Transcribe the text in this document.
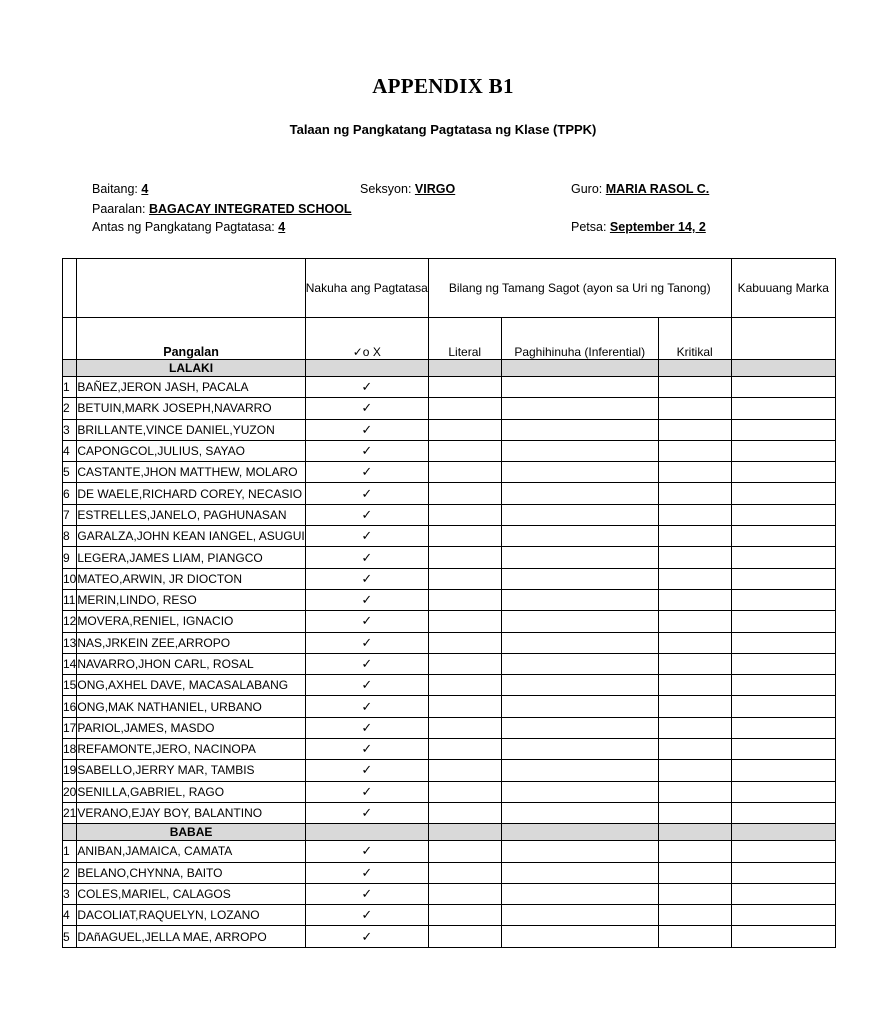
APPENDIX B1
Talaan ng Pangkatang Pagtatasa ng Klase (TPPK)
Baitang: 4	Seksyon: VIRGO	Guro: MARIA RASOL C.
Paaralan: BAGACAY INTEGRATED SCHOOL
Antas ng Pangkatang Pagtatasa: 4	Petsa: September 14, 2
		Nakuha ang Pagtatasa	Bilang ng Tamang Sagot (ayon sa Uri ng Tanong)			Kabuuang Marka
	Pangalan	✓o X	Literal	Paghihinuha (Inferential)	Kritikal	
	LALAKI					
1	BAÑEZ,JERON JASH, PACALA	✓				
2	BETUIN,MARK JOSEPH,NAVARRO	✓				
3	BRILLANTE,VINCE DANIEL,YUZON	✓				
4	CAPONGCOL,JULIUS, SAYAO	✓				
5	CASTANTE,JHON MATTHEW, MOLARO	✓				
6	DE WAELE,RICHARD COREY, NECASIO	✓				
7	ESTRELLES,JANELO, PAGHUNASAN	✓				
8	GARALZA,JOHN KEAN IANGEL, ASUGUI	✓				
9	LEGERA,JAMES LIAM, PIANGCO	✓				
10	MATEO,ARWIN, JR DIOCTON	✓				
11	MERIN,LINDO, RESO	✓				
12	MOVERA,RENIEL, IGNACIO	✓				
13	NAS,JRKEIN ZEE,ARROPO	✓				
14	NAVARRO,JHON CARL, ROSAL	✓				
15	ONG,AXHEL DAVE, MACASALABANG	✓				
16	ONG,MAK NATHANIEL, URBANO	✓				
17	PARIOL,JAMES, MASDO	✓				
18	REFAMONTE,JERO, NACINOPA	✓				
19	SABELLO,JERRY MAR, TAMBIS	✓				
20	SENILLA,GABRIEL, RAGO	✓				
21	VERANO,EJAY BOY, BALANTINO	✓				
	BABAE					
1	ANIBAN,JAMAICA, CAMATA	✓				
2	BELANO,CHYNNA, BAITO	✓				
3	COLES,MARIEL, CALAGOS	✓				
4	DACOLIAT,RAQUELYN, LOZANO	✓				
5	DAñAGUEL,JELLA MAE, ARROPO	✓				
